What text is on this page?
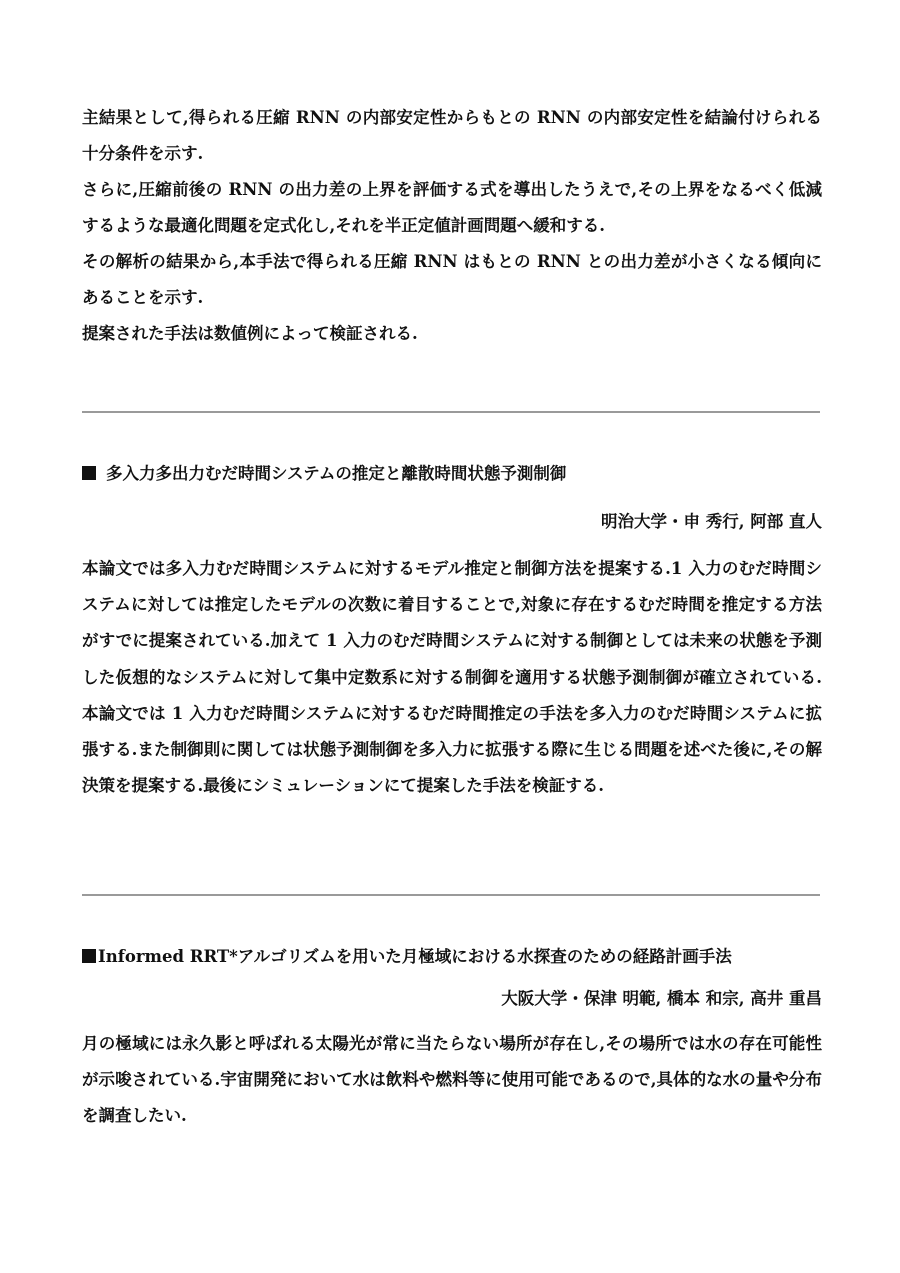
主結果として,得られる圧縮 RNN の内部安定性からもとの RNN の内部安定性を結論付けられる十分条件を示す.

さらに,圧縮前後の RNN の出力差の上界を評価する式を導出したうえで,その上界をなるべく低減するような最適化問題を定式化し,それを半正定値計画問題へ緩和する.

その解析の結果から,本手法で得られる圧縮 RNN はもとの RNN との出力差が小さくなる傾向にあることを示す.

提案された手法は数値例によって検証される.

多入力多出力むだ時間システムの推定と離散時間状態予測制御

明治大学・申 秀行, 阿部 直人

本論文では多入力むだ時間システムに対するモデル推定と制御方法を提案する.1 入力のむだ時間システムに対しては推定したモデルの次数に着目することで,対象に存在するむだ時間を推定する方法がすでに提案されている.加えて 1 入力のむだ時間システムに対する制御としては未来の状態を予測した仮想的なシステムに対して集中定数系に対する制御を適用する状態予測制御が確立されている.本論文では 1 入力むだ時間システムに対するむだ時間推定の手法を多入力のむだ時間システムに拡張する.また制御則に関しては状態予測制御を多入力に拡張する際に生じる問題を述べた後に,その解決策を提案する.最後にシミュレーションにて提案した手法を検証する.

Informed RRT*アルゴリズムを用いた月極域における水探査のための経路計画手法

大阪大学・保津 明範, 橋本 和宗, 高井 重昌

月の極域には永久影と呼ばれる太陽光が常に当たらない場所が存在し,その場所では水の存在可能性が示唆されている.宇宙開発において水は飲料や燃料等に使用可能であるので,具体的な水の量や分布を調査したい.
